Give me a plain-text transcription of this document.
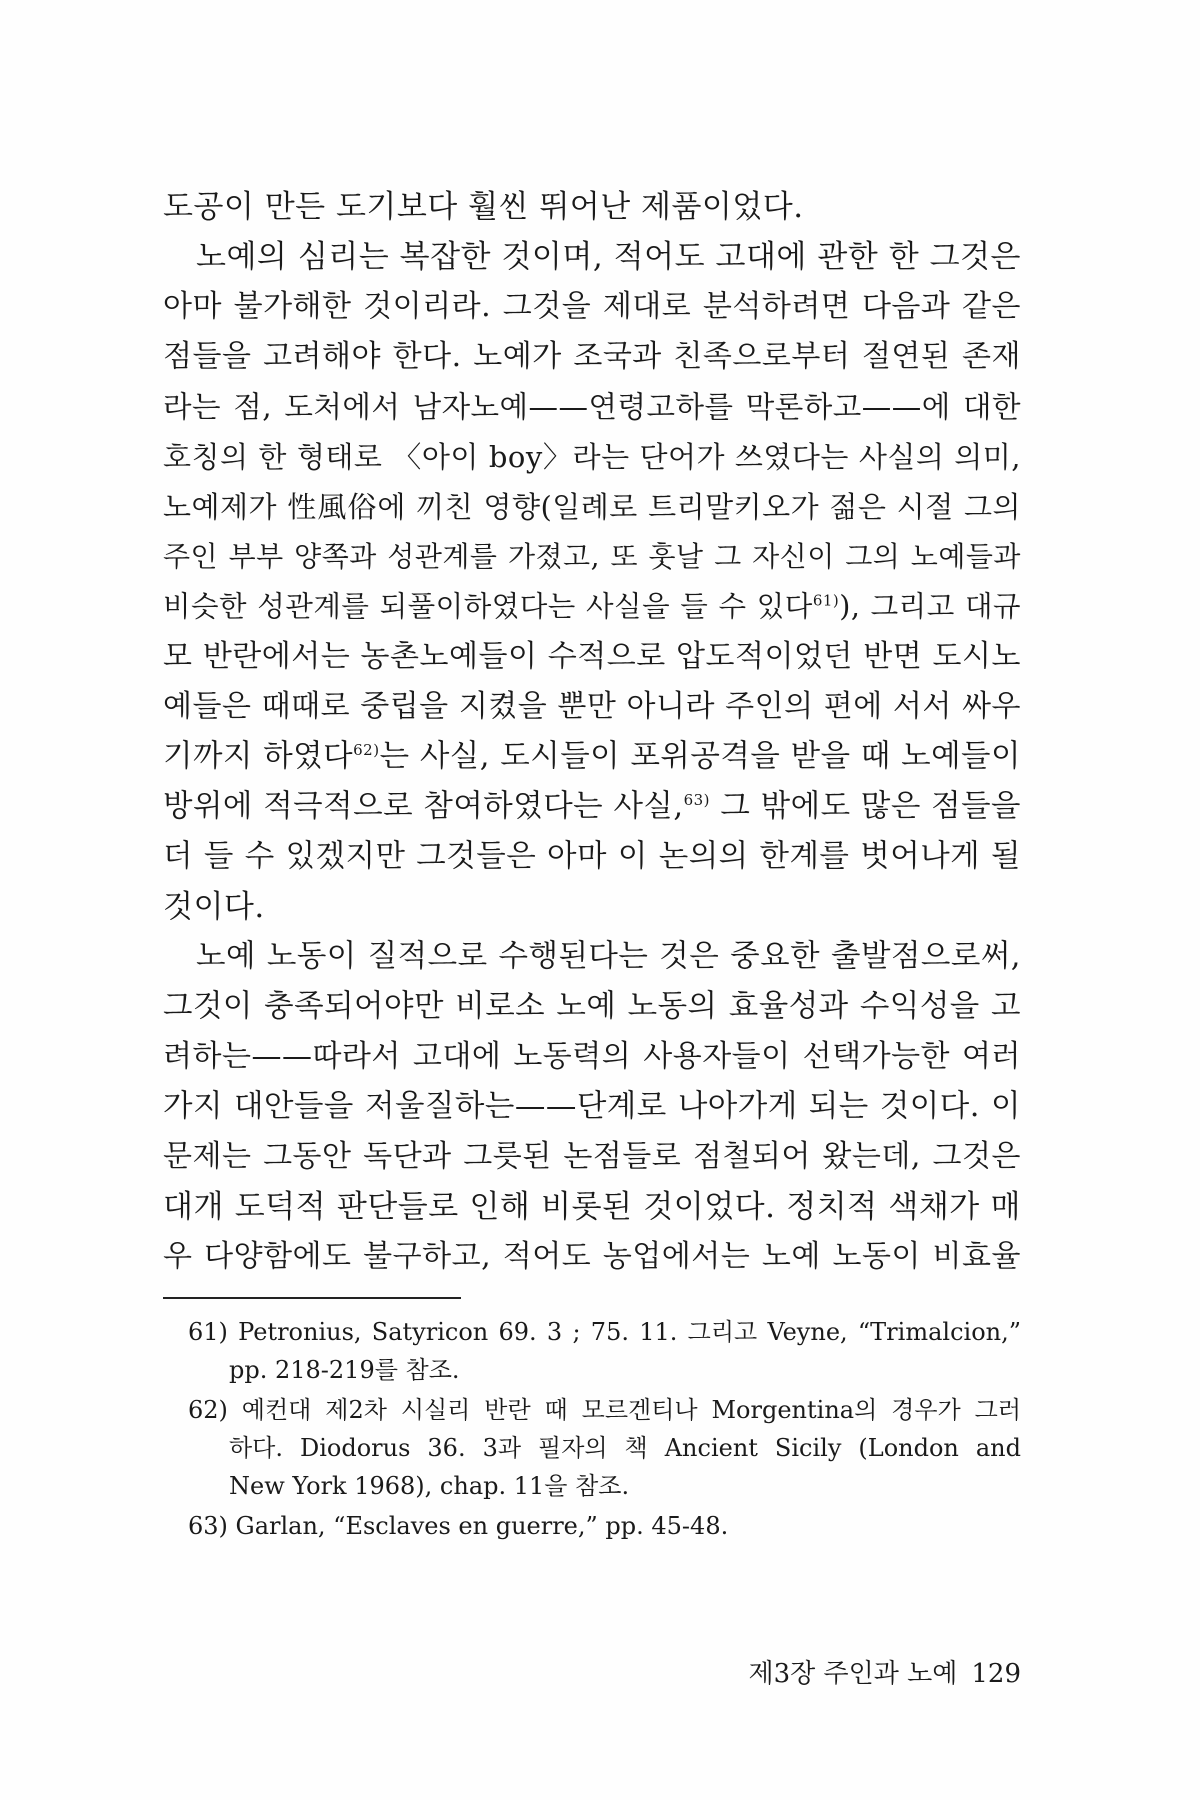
도공이 만든 도기보다 훨씬 뛰어난 제품이었다.
노예의 심리는 복잡한 것이며, 적어도 고대에 관한 한 그것은
아마 불가해한 것이리라. 그것을 제대로 분석하려면 다음과 같은
점들을 고려해야 한다. 노예가 조국과 친족으로부터 절연된 존재
라는 점, 도처에서 남자노예——연령고하를 막론하고——에 대한
호칭의 한 형태로 〈아이 boy〉라는 단어가 쓰였다는 사실의 의미,
노예제가 性風俗에 끼친 영향(일례로 트리말키오가 젊은 시절 그의
주인 부부 양쪽과 성관계를 가졌고, 또 훗날 그 자신이 그의 노예들과
비슷한 성관계를 되풀이하였다는 사실을 들 수 있다$^{61)}$), 그리고 대규
모 반란에서는 농촌노예들이 수적으로 압도적이었던 반면 도시노
예들은 때때로 중립을 지켰을 뿐만 아니라 주인의 편에 서서 싸우
기까지 하였다$^{62)}$는 사실, 도시들이 포위공격을 받을 때 노예들이
방위에 적극적으로 참여하였다는 사실,$^{63)}$ 그 밖에도 많은 점들을
더 들 수 있겠지만 그것들은 아마 이 논의의 한계를 벗어나게 될
것이다.
노예 노동이 질적으로 수행된다는 것은 중요한 출발점으로써,
그것이 충족되어야만 비로소 노예 노동의 효율성과 수익성을 고
려하는——따라서 고대에 노동력의 사용자들이 선택가능한 여러
가지 대안들을 저울질하는——단계로 나아가게 되는 것이다. 이
문제는 그동안 독단과 그릇된 논점들로 점철되어 왔는데, 그것은
대개 도덕적 판단들로 인해 비롯된 것이었다. 정치적 색채가 매
우 다양함에도 불구하고, 적어도 농업에서는 노예 노동이 비효율
61) Petronius, Satyricon 69. 3 ; 75. 11. 그리고 Veyne, “Trimalcion,”
pp. 218-219를 참조.
62) 예컨대 제2차 시실리 반란 때 모르겐티나 Morgentina의 경우가 그러
하다. Diodorus 36. 3과 필자의 책 Ancient Sicily (London and
New York 1968), chap. 11을 참조.
63) Garlan, “Esclaves en guerre,” pp. 45-48.
제3장 주인과 노예 129
